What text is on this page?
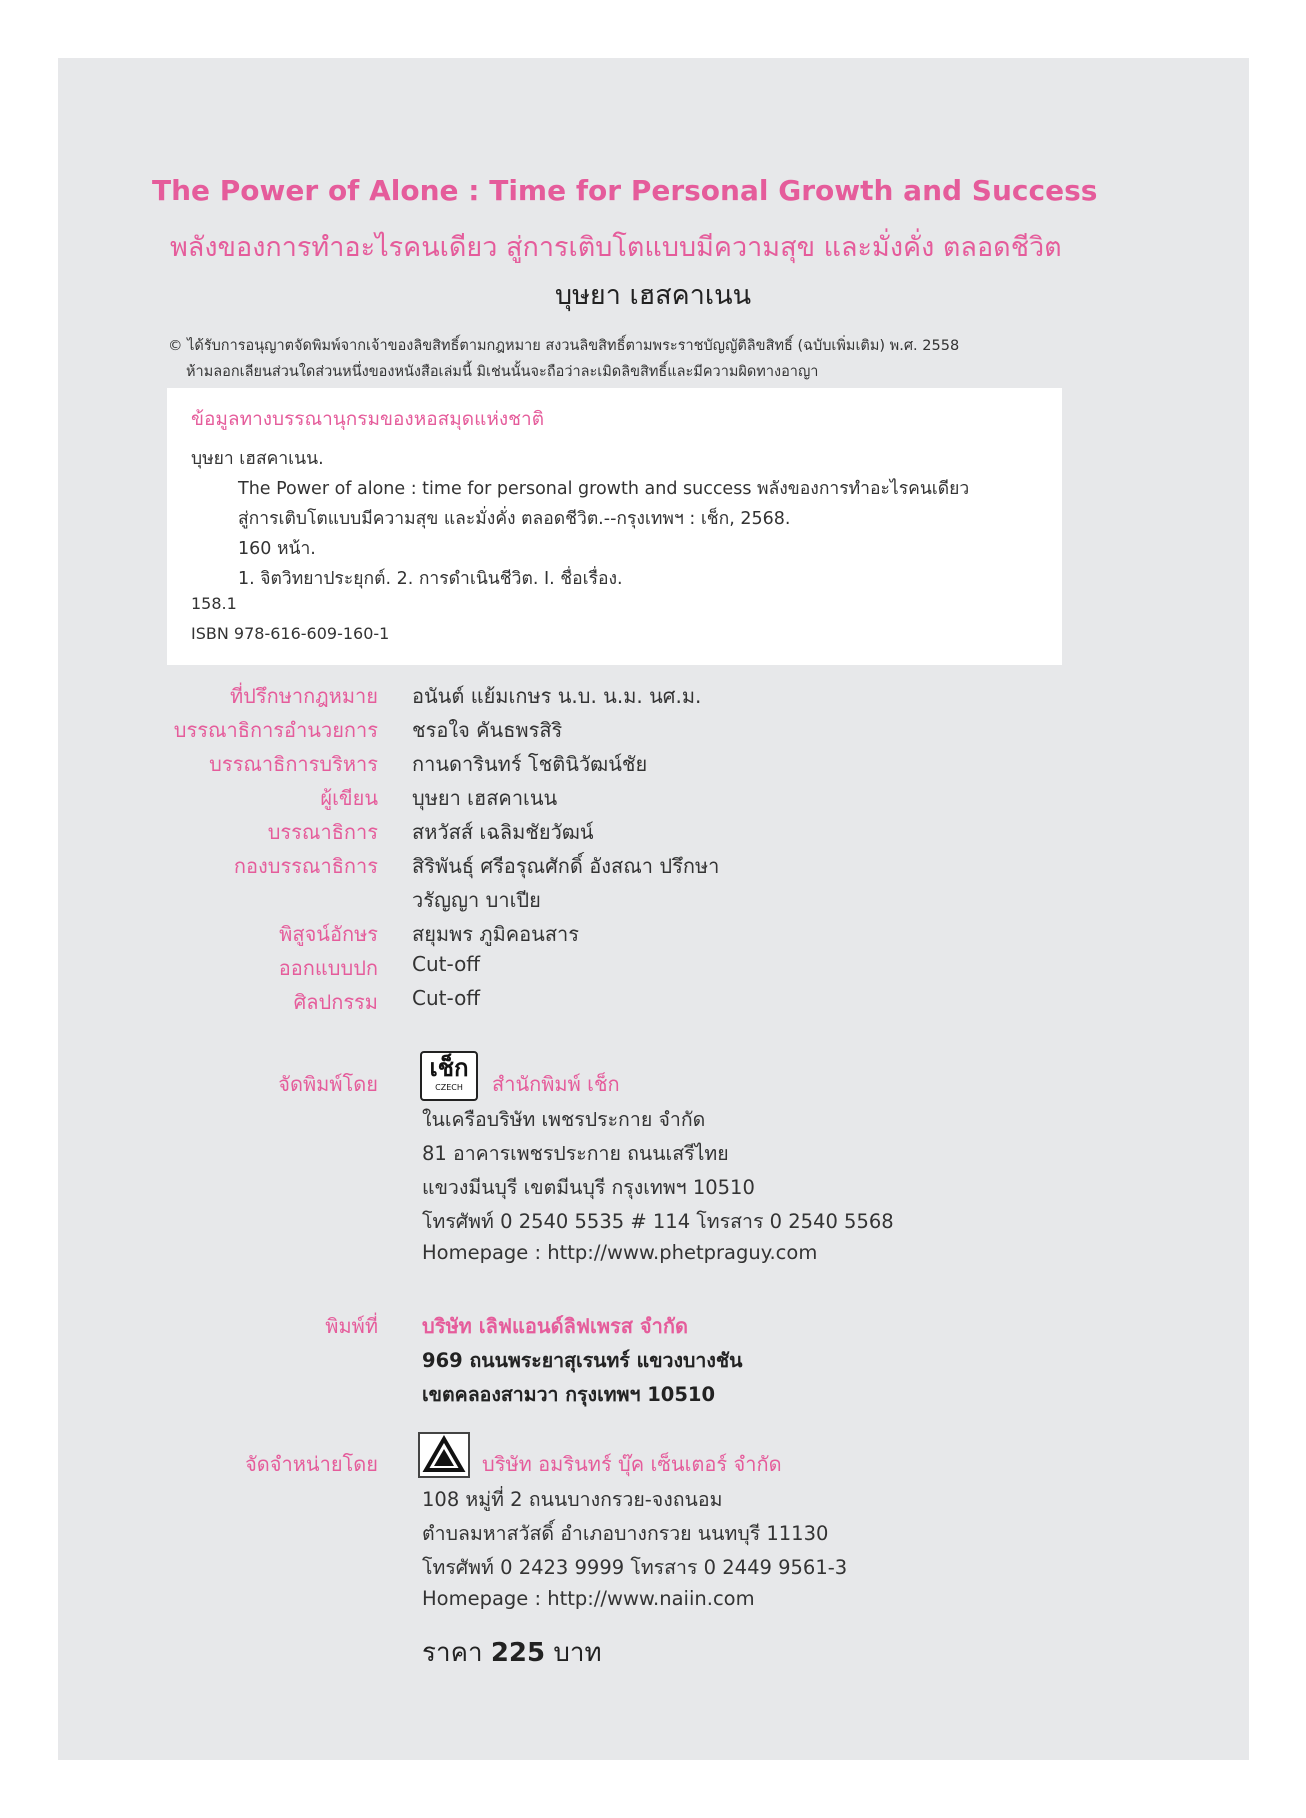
The Power of Alone : Time for Personal Growth and Success
พลังของการทำอะไรคนเดียว สู่การเติบโตแบบมีความสุข และมั่งคั่ง ตลอดชีวิต
บุษยา เฮสคาเนน
© ได้รับการอนุญาตจัดพิมพ์จากเจ้าของลิขสิทธิ์ตามกฎหมาย สงวนลิขสิทธิ์ตามพระราชบัญญัติลิขสิทธิ์ (ฉบับเพิ่มเติม) พ.ศ. 2558
ห้ามลอกเลียนส่วนใดส่วนหนึ่งของหนังสือเล่มนี้ มิเช่นนั้นจะถือว่าละเมิดลิขสิทธิ์และมีความผิดทางอาญา
ข้อมูลทางบรรณานุกรมของหอสมุดแห่งชาติ
บุษยา เฮสคาเนน.
The Power of alone : time for personal growth and success พลังของการทำอะไรคนเดียว
สู่การเติบโตแบบมีความสุข และมั่งคั่ง ตลอดชีวิต.--กรุงเทพฯ : เช็ก, 2568.
160 หน้า.
1. จิตวิทยาประยุกต์. 2. การดำเนินชีวิต. I. ชื่อเรื่อง.
158.1
ISBN 978-616-609-160-1
ที่ปรึกษากฎหมาย อนันต์ แย้มเกษร น.บ. น.ม. นศ.ม.
บรรณาธิการอำนวยการ ชรอใจ คันธพรสิริ
บรรณาธิการบริหาร กานดารินทร์ โชตินิวัฒน์ชัย
ผู้เขียน บุษยา เฮสคาเนน
บรรณาธิการ สหวัสส์ เฉลิมชัยวัฒน์
กองบรรณาธิการ สิริพันธุ์ ศรีอรุณศักดิ์ อังสณา ปรึกษา
วรัญญา บาเปีย
พิสูจน์อักษร สยุมพร ภูมิคอนสาร
ออกแบบปก Cut-off
ศิลปกรรม Cut-off
จัดพิมพ์โดย
เช็ก
CZECH	สำนักพิมพ์ เช็ก
ในเครือบริษัท เพชรประกาย จำกัด
81 อาคารเพชรประกาย ถนนเสรีไทย
แขวงมีนบุรี เขตมีนบุรี กรุงเทพฯ 10510
โทรศัพท์ 0 2540 5535 # 114 โทรสาร 0 2540 5568
Homepage : http://www.phetpraguy.com
พิมพ์ที่ บริษัท เลิฟแอนด์ลิฟเพรส จำกัด
969 ถนนพระยาสุเรนทร์ แขวงบางชัน
เขตคลองสามวา กรุงเทพฯ 10510
จัดจำหน่ายโดย	บริษัท อมรินทร์ บุ๊ค เซ็นเตอร์ จำกัด
108 หมู่ที่ 2 ถนนบางกรวย-จงถนอม
ตำบลมหาสวัสดิ์ อำเภอบางกรวย นนทบุรี 11130
โทรศัพท์ 0 2423 9999 โทรสาร 0 2449 9561-3
Homepage : http://www.naiin.com
ราคา 225 บาท
